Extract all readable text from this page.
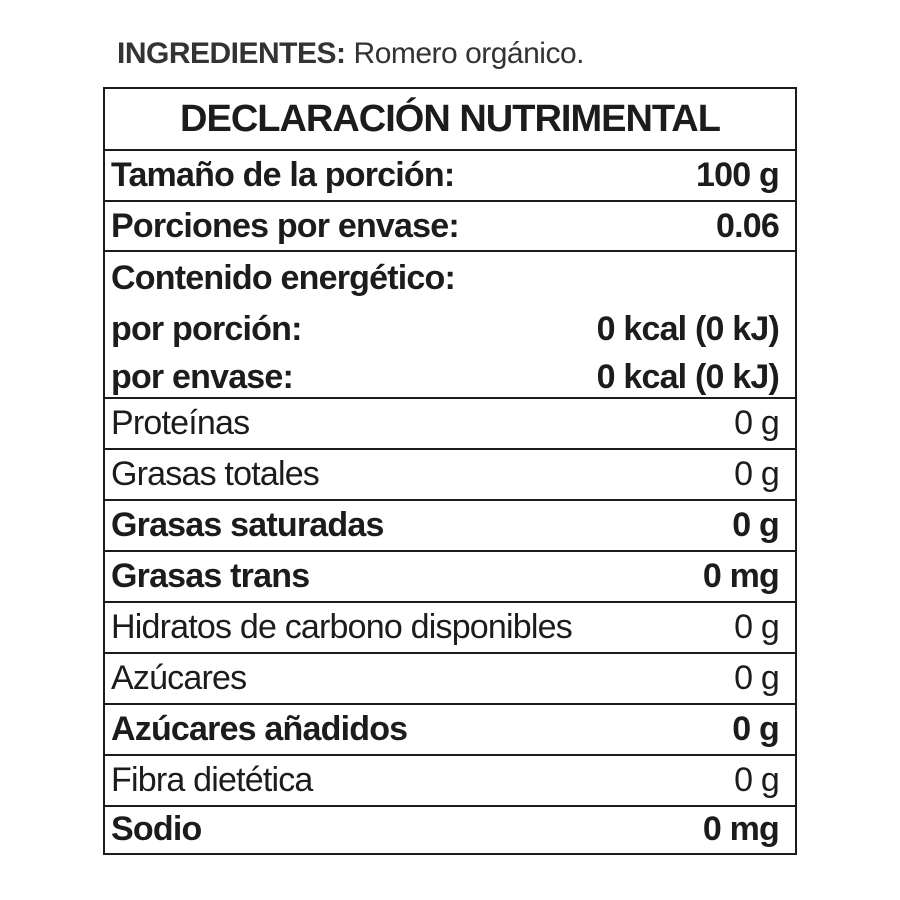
INGREDIENTES: Romero orgánico.
DECLARACIÓN NUTRIMENTAL
Tamaño de la porción:	100 g
Porciones por envase:	0.06
Contenido energético:
por porción:	0 kcal (0 kJ)
por envase:	0 kcal (0 kJ)
Proteínas	0 g
Grasas totales	0 g
Grasas saturadas	0 g
Grasas trans	0 mg
Hidratos de carbono disponibles	0 g
Azúcares	0 g
Azúcares añadidos	0 g
Fibra dietética	0 g
Sodio	0 mg
